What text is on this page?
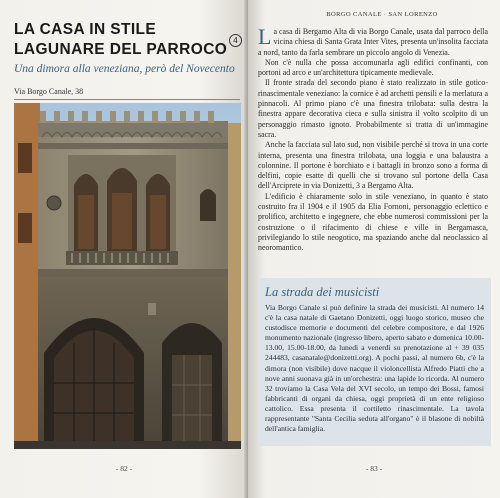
LA CASA IN STILE LAGUNARE DEL PARROCO
4
Una dimora alla veneziana, però del Novecento
Via Borgo Canale, 38
- 82 -
BORGO CANALE · SAN LORENZO

La casa di Bergamo Alta di via Borgo Canale, usata dal parroco della vicina chiesa di Santa Grata Inter Vites, presenta un'insolita facciata a nord, tanto da farla sembrare un piccolo angolo di Venezia.

Non c'è nulla che possa accomunarla agli edifici confinanti, con portoni ad arco e un'architettura tipicamente medievale.

Il fronte strada del secondo piano è stato realizzato in stile gotico-rinascimentale veneziano: la cornice è ad archetti pensili e la merlatura a pinnacoli. Al primo piano c'è una finestra trilobata: sulla destra la finestra appare decorativa cieca e sulla sinistra il volto scolpito di un personaggio rimasto ignoto. Probabilmente si tratta di un'immagine sacra.

Anche la facciata sul lato sud, non visibile perché si trova in una corte interna, presenta una finestra trilobata, una loggia e una balaustra a colonnine. Il portone è borchiato e i battagli in bronzo sono a forma di delfini, copie esatte di quelli che si trovano sul portone della Casa dell'Arciprete in via Donizetti, 3 a Bergamo Alta.

L'edificio è chiaramente solo in stile veneziano, in quanto è stato costruito fra il 1904 e il 1905 da Elia Fornoni, personaggio eclettico e prolifico, architetto e ingegnere, che ebbe numerosi commissioni per la costruzione o il rifacimento di chiese e ville in Bergamasca, privilegiando lo stile neogotico, ma spaziando anche dal neoclassico al neoromantico.

La strada dei musicisti
Via Borgo Canale si può definire la strada dei musicisti. Al numero 14 c'è la casa natale di Gaetano Donizetti, oggi luogo storico, museo che custodisce memorie e documenti del celebre compositore, e dal 1926 monumento nazionale (ingresso libero, aperto sabato e domenica 10.00-13.00, 15.00-18.00, da lunedì a venerdì su prenotazione al + 39 035 244483, casanatale@donizetti.org). A pochi passi, al numero 6b, c'è la dimora (non visibile) dove nacque il violoncellista Alfredo Piatti che a nove anni suonava già in un'orchestra: una lapide lo ricorda. Al numero 32 troviamo la Casa Vela del XVI secolo, un tempo dei Bossi, famosi fabbricanti di organi da chiesa, oggi proprietà di un ente religioso cattolico. Essa presenta il cortiletto rinascimentale. La tavola rappresentante "Santa Cecilia seduta all'organo" è il blasone di nobiltà dell'antica famiglia.
- 83 -
